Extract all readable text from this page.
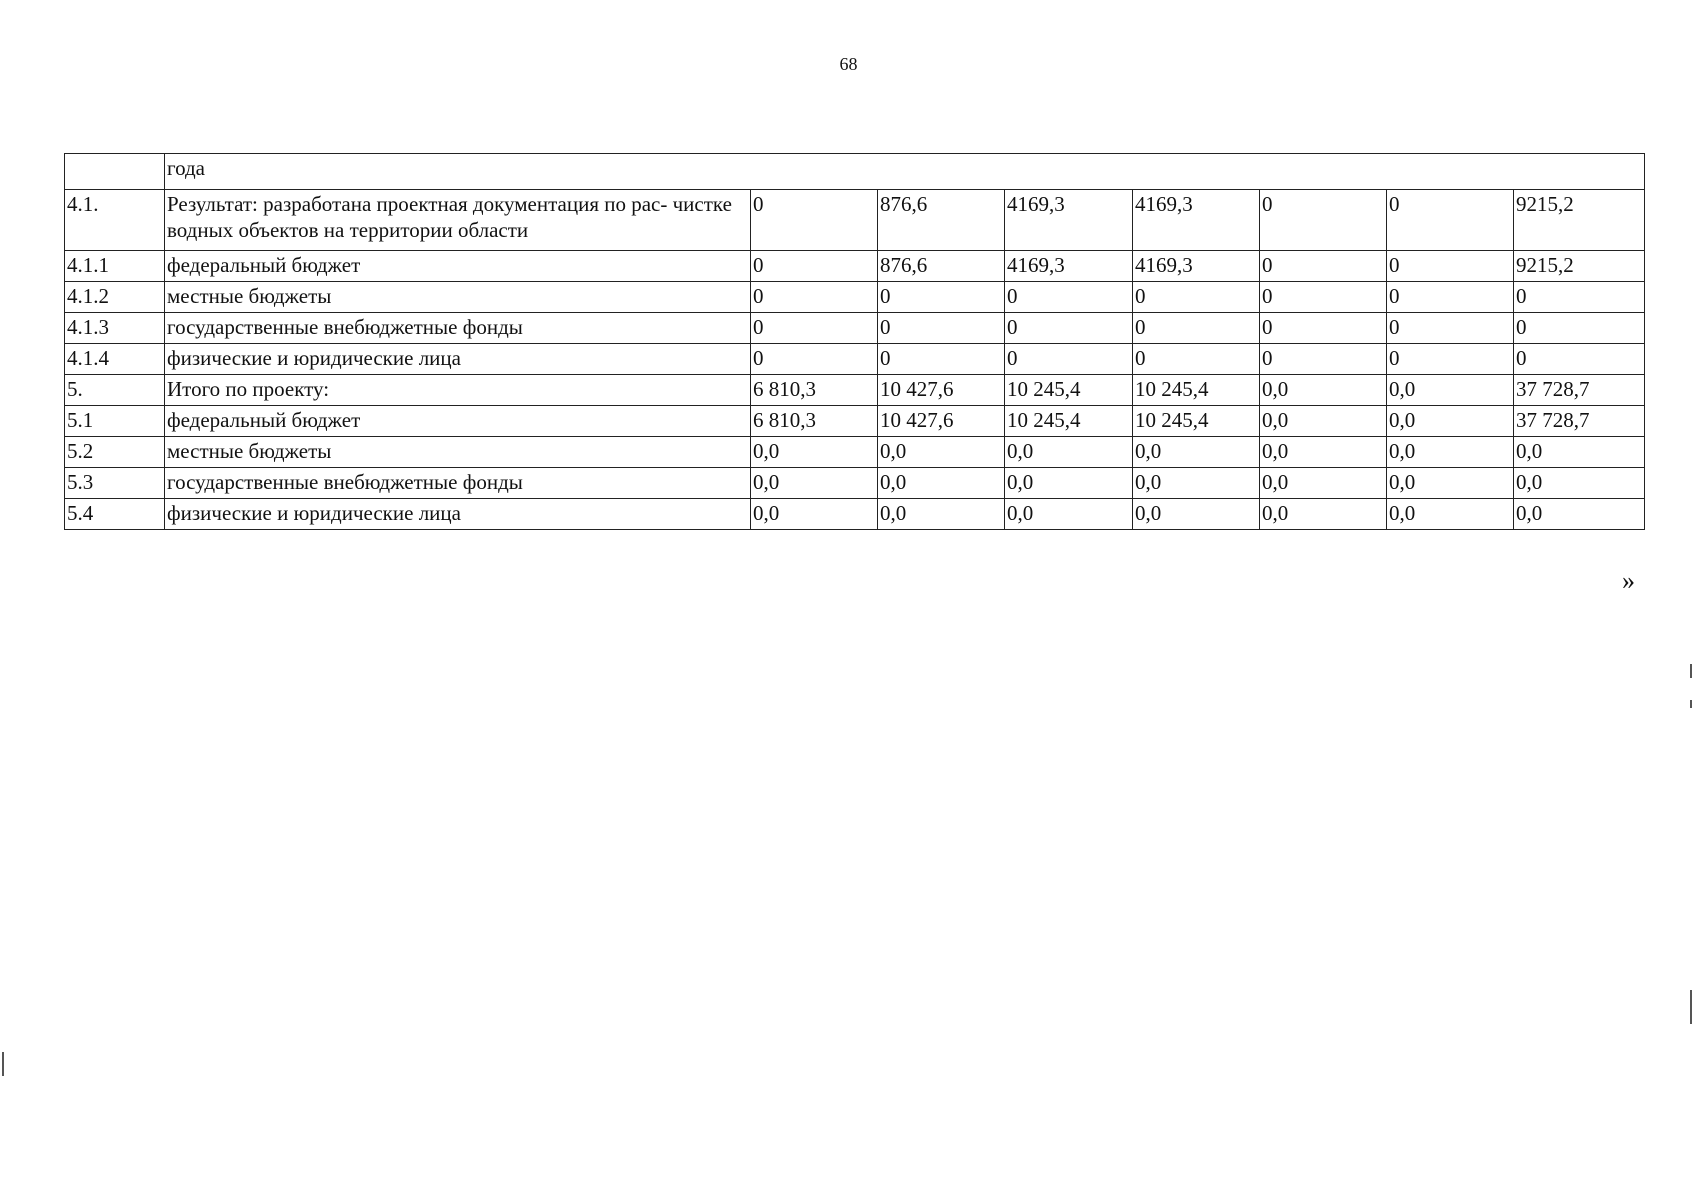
68
	года							
4.1.	Результат: разработана проектная документация по рас- чистке водных объектов на территории области	0	876,6	4169,3	4169,3	0	0	9215,2
4.1.1	федеральный бюджет	0	876,6	4169,3	4169,3	0	0	9215,2
4.1.2	местные бюджеты	0	0	0	0	0	0	0
4.1.3	государственные внебюджетные фонды	0	0	0	0	0	0	0
4.1.4	физические и юридические лица	0	0	0	0	0	0	0
5.	Итого по проекту:	6 810,3	10 427,6	10 245,4	10 245,4	0,0	0,0	37 728,7
5.1	федеральный бюджет	6 810,3	10 427,6	10 245,4	10 245,4	0,0	0,0	37 728,7
5.2	местные бюджеты	0,0	0,0	0,0	0,0	0,0	0,0	0,0
5.3	государственные внебюджетные фонды	0,0	0,0	0,0	0,0	0,0	0,0	0,0
5.4	физические и юридические лица	0,0	0,0	0,0	0,0	0,0	0,0	0,0
»
